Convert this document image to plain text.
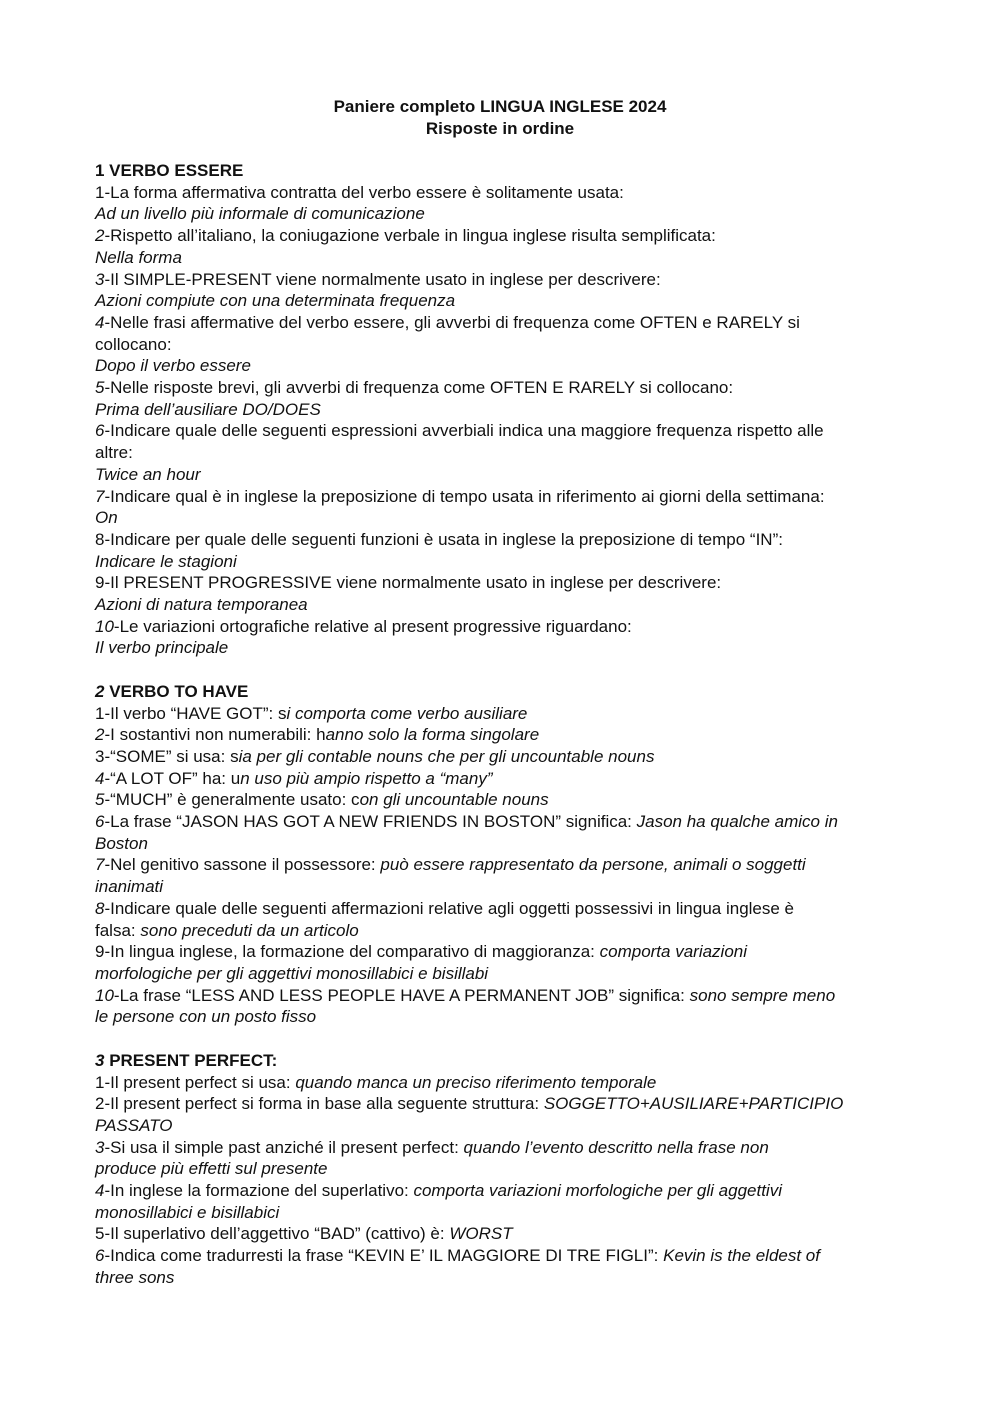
Paniere completo LINGUA INGLESE 2024
Risposte in ordine
1 VERBO ESSERE
1-La forma affermativa contratta del verbo essere è solitamente usata:
Ad un livello più informale di comunicazione
2-Rispetto all’italiano, la coniugazione verbale in lingua inglese risulta semplificata:
Nella forma
3-Il SIMPLE-PRESENT viene normalmente usato in inglese per descrivere:
Azioni compiute con una determinata frequenza
4-Nelle frasi affermative del verbo essere, gli avverbi di frequenza come OFTEN e RARELY si
collocano:
Dopo il verbo essere
5-Nelle risposte brevi, gli avverbi di frequenza come OFTEN E RARELY si collocano:
Prima dell’ausiliare DO/DOES
6-Indicare quale delle seguenti espressioni avverbiali indica una maggiore frequenza rispetto alle
altre:
Twice an hour
7-Indicare qual è in inglese la preposizione di tempo usata in riferimento ai giorni della settimana:
On
8-Indicare per quale delle seguenti funzioni è usata in inglese la preposizione di tempo “IN”:
Indicare le stagioni
9-Il PRESENT PROGRESSIVE viene normalmente usato in inglese per descrivere:
Azioni di natura temporanea
10-Le variazioni ortografiche relative al present progressive riguardano:
Il verbo principale
2 VERBO TO HAVE
1-Il verbo “HAVE GOT”: si comporta come verbo ausiliare
2-I sostantivi non numerabili: hanno solo la forma singolare
3-“SOME” si usa: sia per gli contable nouns che per gli uncountable nouns
4-“A LOT OF” ha: un uso più ampio rispetto a “many”
5-“MUCH” è generalmente usato: con gli uncountable nouns
6-La frase “JASON HAS GOT A NEW FRIENDS IN BOSTON” significa: Jason ha qualche amico in
Boston
7-Nel genitivo sassone il possessore: può essere rappresentato da persone, animali o soggetti
inanimati
8-Indicare quale delle seguenti affermazioni relative agli oggetti possessivi in lingua inglese è
falsa: sono preceduti da un articolo
9-In lingua inglese, la formazione del comparativo di maggioranza: comporta variazioni
morfologiche per gli aggettivi monosillabici e bisillabi
10-La frase “LESS AND LESS PEOPLE HAVE A PERMANENT JOB” significa: sono sempre meno
le persone con un posto fisso
3 PRESENT PERFECT:
1-Il present perfect si usa: quando manca un preciso riferimento temporale
2-Il present perfect si forma in base alla seguente struttura: SOGGETTO+AUSILIARE+PARTICIPIO
PASSATO
3-Si usa il simple past anziché il present perfect: quando l’evento descritto nella frase non
produce più effetti sul presente
4-In inglese la formazione del superlativo: comporta variazioni morfologiche per gli aggettivi
monosillabici e bisillabici
5-Il superlativo dell’aggettivo “BAD” (cattivo) è: WORST
6-Indica come tradurresti la frase “KEVIN E’ IL MAGGIORE DI TRE FIGLI”: Kevin is the eldest of
three sons
